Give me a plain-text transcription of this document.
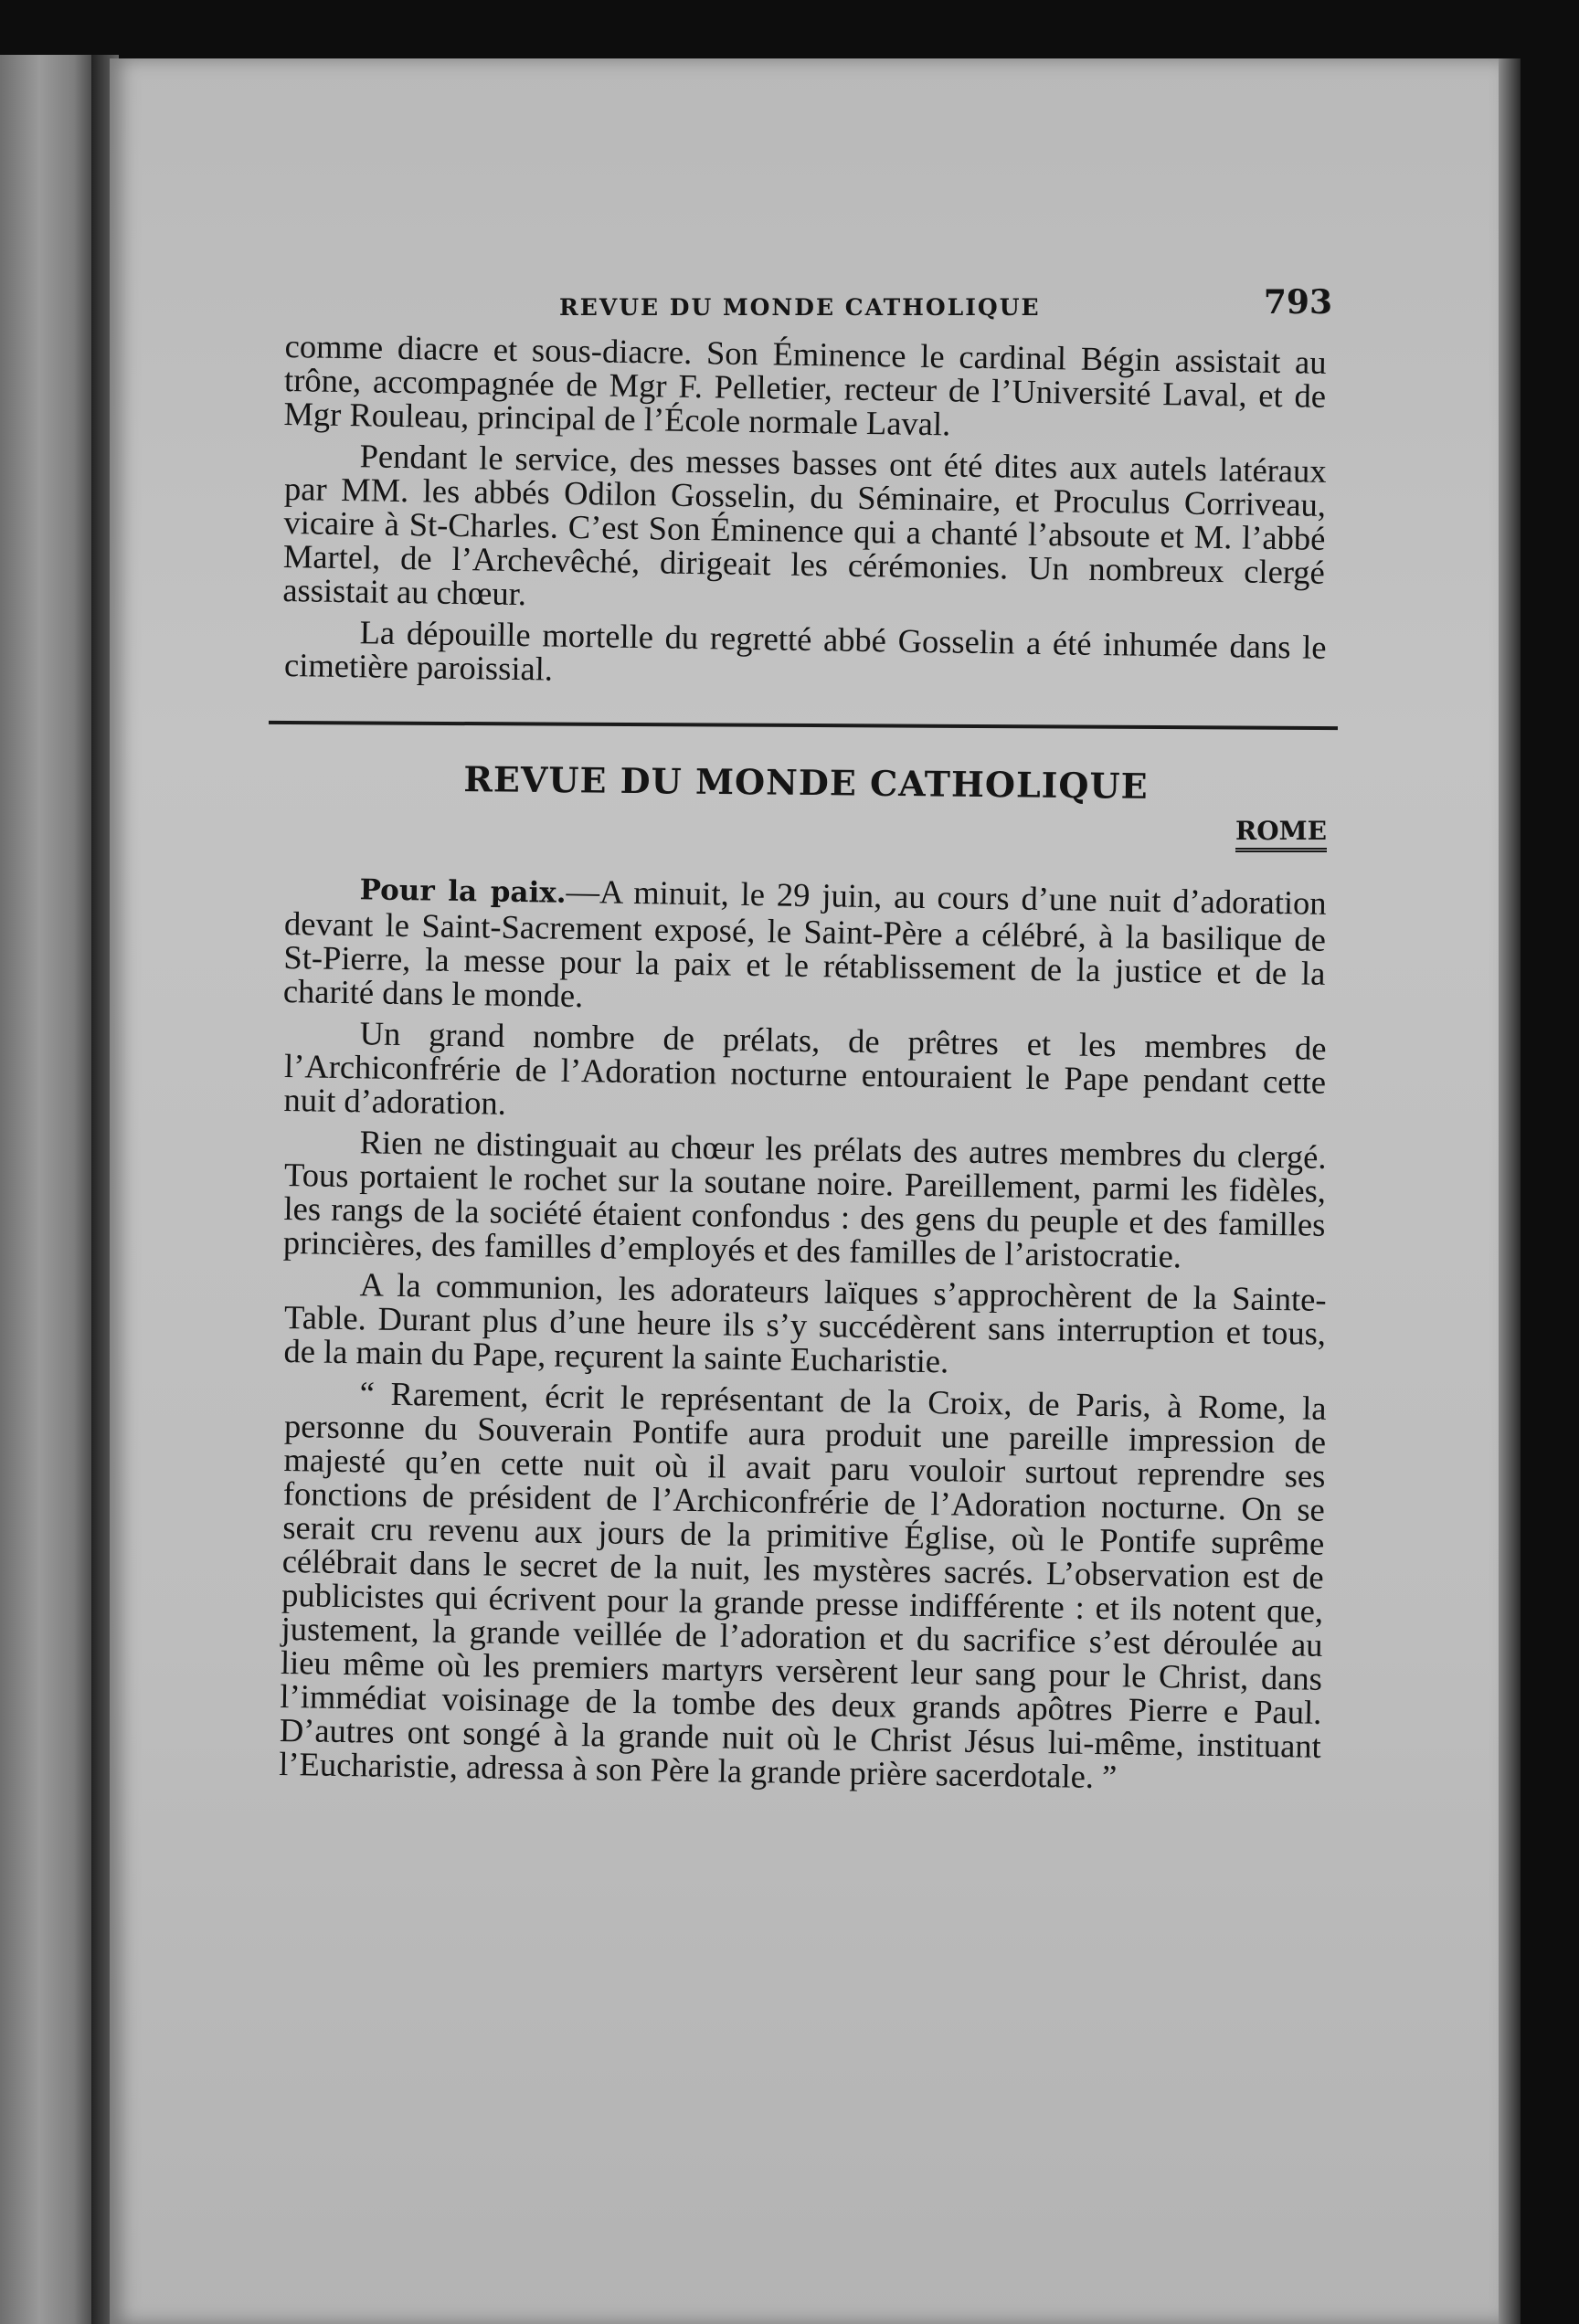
REVUE DU MONDE CATHOLIQUE	793

comme diacre et sous-diacre. Son Éminence le cardinal Bégin assistait au trône, accompagnée de Mgr F. Pelletier, recteur de l’Université Laval, et de Mgr Rouleau, principal de l’École normale Laval.

Pendant le service, des messes basses ont été dites aux autels latéraux par MM. les abbés Odilon Gosselin, du Séminaire, et Proculus Corriveau, vicaire à St-Charles. C’est Son Éminence qui a chanté l’absoute et M. l’abbé Martel, de l’Archevêché, dirigeait les cérémonies. Un nombreux clergé assistait au chœur.

La dépouille mortelle du regretté abbé Gosselin a été inhumée dans le cimetière paroissial.

REVUE DU MONDE CATHOLIQUE
ROME

Pour la paix.—A minuit, le 29 juin, au cours d’une nuit d’adoration devant le Saint-Sacrement exposé, le Saint-Père a célébré, à la basilique de St-Pierre, la messe pour la paix et le rétablissement de la justice et de la charité dans le monde.

Un grand nombre de prélats, de prêtres et les membres de l’Archiconfrérie de l’Adoration nocturne entouraient le Pape pendant cette nuit d’adoration.

Rien ne distinguait au chœur les prélats des autres membres du clergé. Tous portaient le rochet sur la soutane noire. Pareillement, parmi les fidèles, les rangs de la société étaient confondus : des gens du peuple et des familles princières, des familles d’employés et des familles de l’aristocratie.

A la communion, les adorateurs laïques s’approchèrent de la Sainte-Table. Durant plus d’une heure ils s’y succédèrent sans interruption et tous, de la main du Pape, reçurent la sainte Eucharistie.

“ Rarement, écrit le représentant de la Croix, de Paris, à Rome, la personne du Souverain Pontife aura produit une pareille impression de majesté qu’en cette nuit où il avait paru vouloir surtout reprendre ses fonctions de président de l’Archiconfrérie de l’Adoration nocturne. On se serait cru revenu aux jours de la primitive Église, où le Pontife suprême célébrait dans le secret de la nuit, les mystères sacrés. L’observation est de publicistes qui écrivent pour la grande presse indifférente : et ils notent que, justement, la grande veillée de l’adoration et du sacrifice s’est déroulée au lieu même où les premiers martyrs versèrent leur sang pour le Christ, dans l’immédiat voisinage de la tombe des deux grands apôtres Pierre e Paul. D’autres ont songé à la grande nuit où le Christ Jésus lui-même, instituant l’Eucharistie, adressa à son Père la grande prière sacerdotale. ”
